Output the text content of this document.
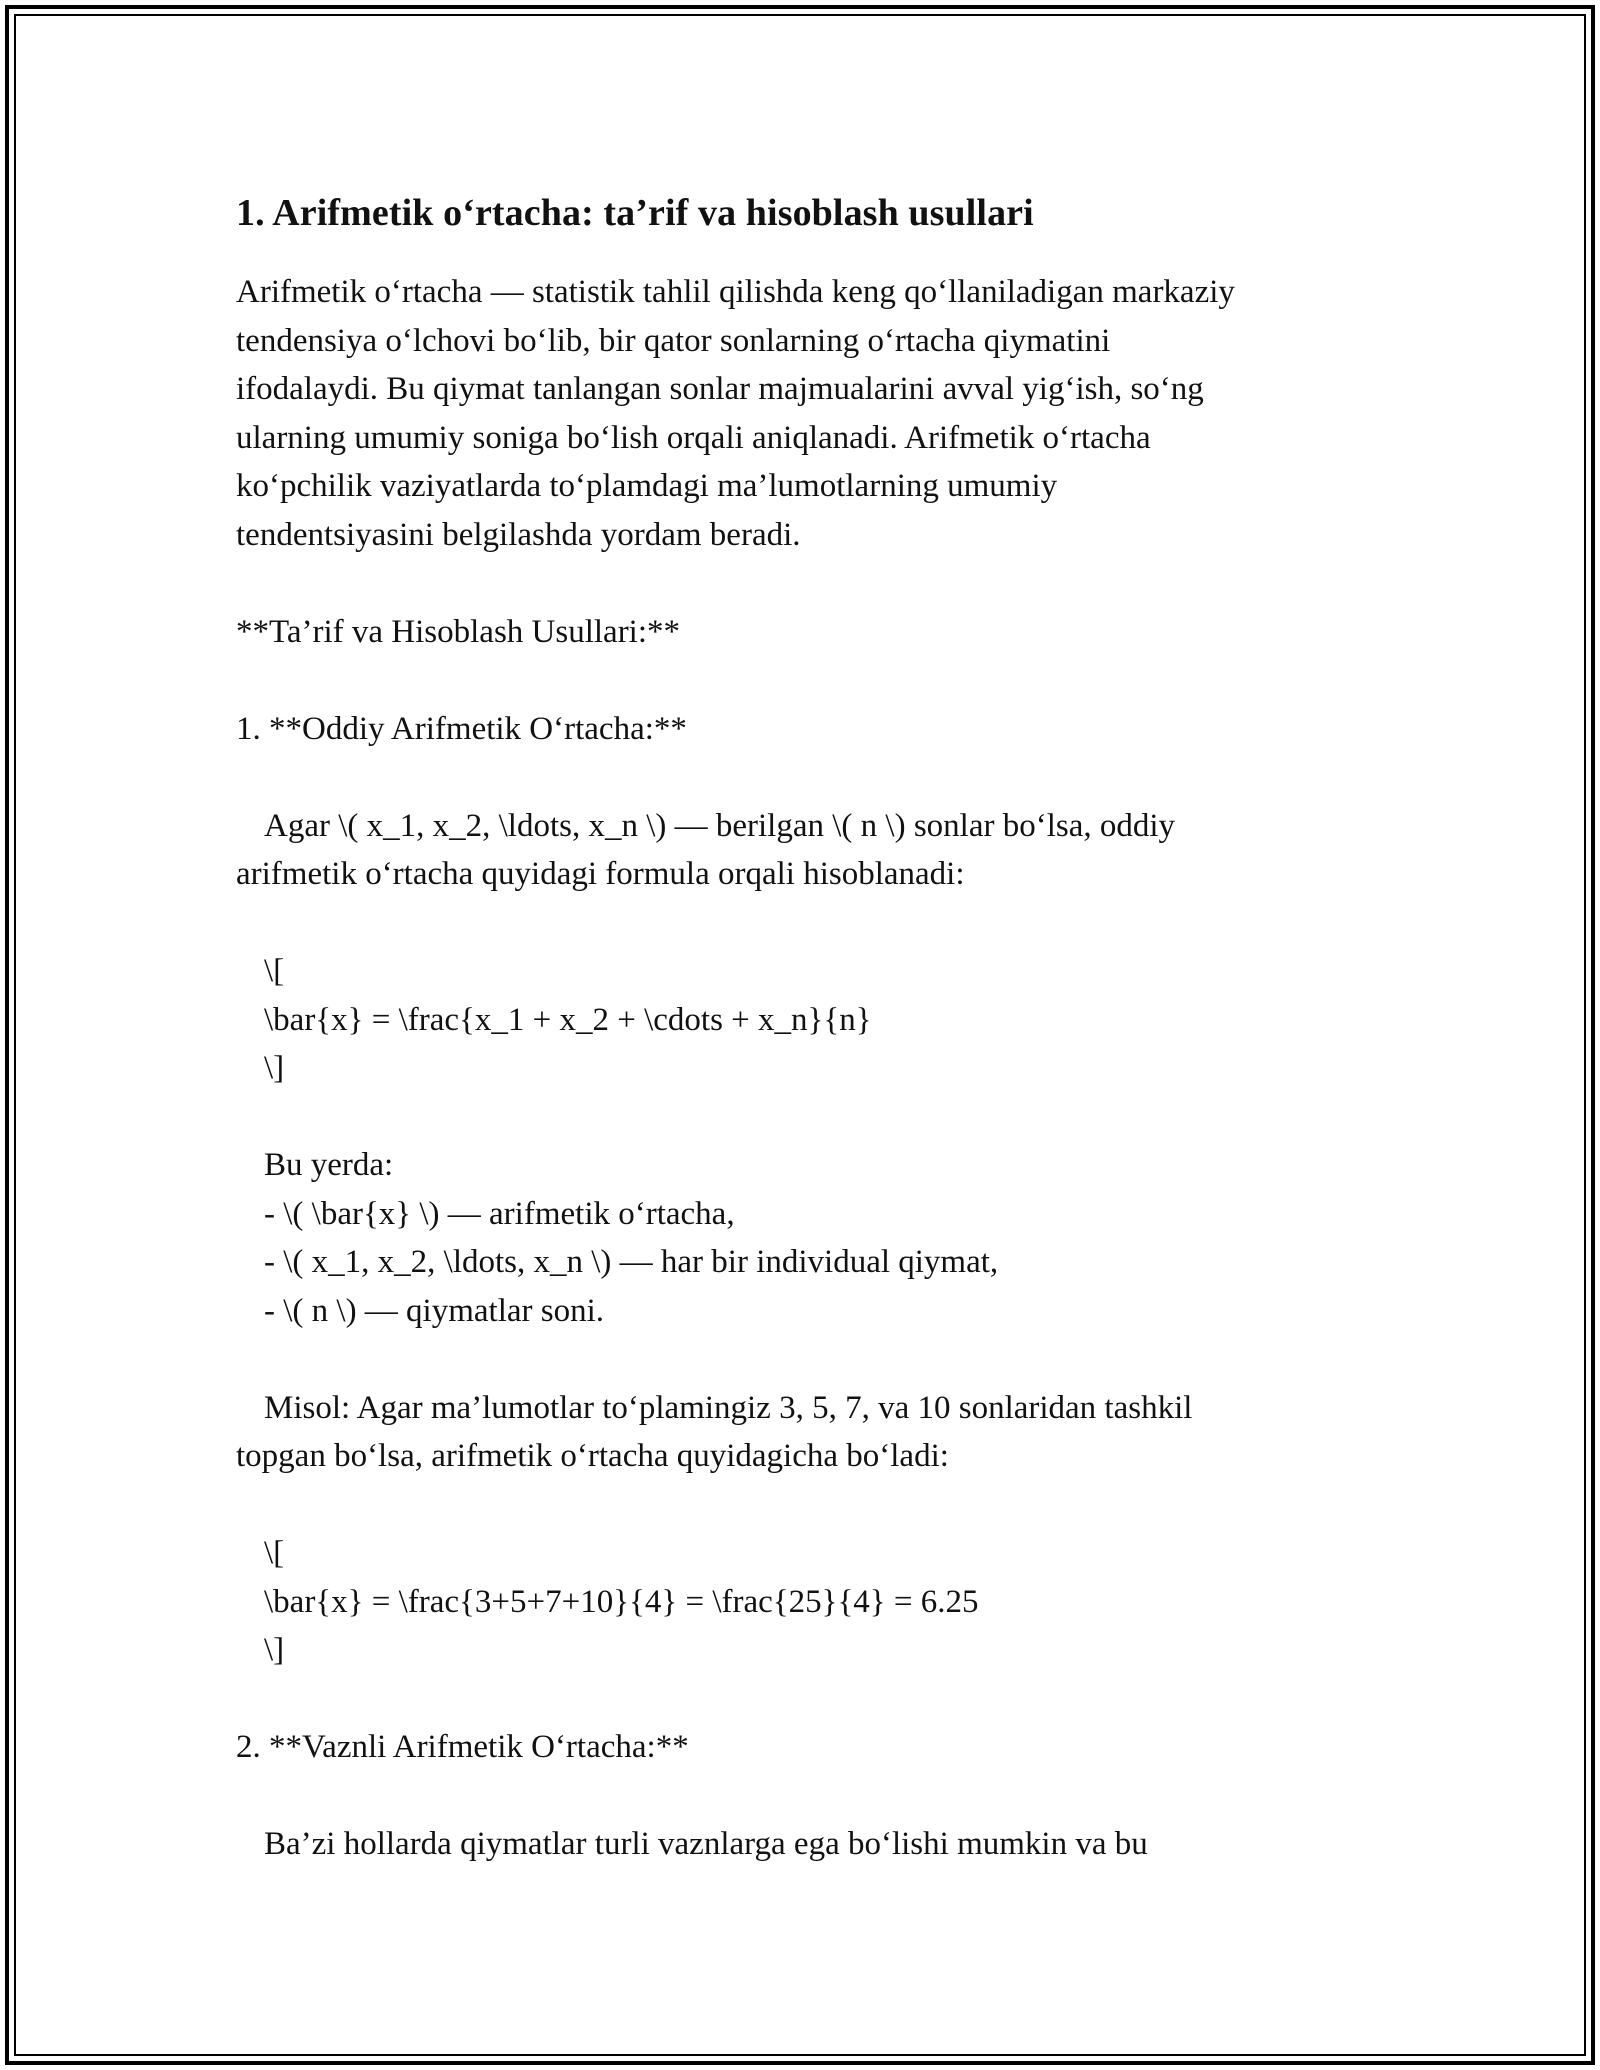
1. Arifmetik o‘rtacha: ta’rif va hisoblash usullari

Arifmetik o‘rtacha — statistik tahlil qilishda keng qo‘llaniladigan markaziy

tendensiya o‘lchovi bo‘lib, bir qator sonlarning o‘rtacha qiymatini

ifodalaydi. Bu qiymat tanlangan sonlar majmualarini avval yig‘ish, so‘ng

ularning umumiy soniga bo‘lish orqali aniqlanadi. Arifmetik o‘rtacha

ko‘pchilik vaziyatlarda to‘plamdagi ma’lumotlarning umumiy

tendentsiyasini belgilashda yordam beradi.

**Ta’rif va Hisoblash Usullari:**

1. **Oddiy Arifmetik O‘rtacha:**

Agar \( x_1, x_2, \ldots, x_n \) — berilgan \( n \) sonlar bo‘lsa, oddiy

arifmetik o‘rtacha quyidagi formula orqali hisoblanadi:

\[

\bar{x} = \frac{x_1 + x_2 + \cdots + x_n}{n}

\]

Bu yerda:

- \( \bar{x} \) — arifmetik o‘rtacha,

- \( x_1, x_2, \ldots, x_n \) — har bir individual qiymat,

- \( n \) — qiymatlar soni.

Misol: Agar ma’lumotlar to‘plamingiz 3, 5, 7, va 10 sonlaridan tashkil

topgan bo‘lsa, arifmetik o‘rtacha quyidagicha bo‘ladi:

\[

\bar{x} = \frac{3+5+7+10}{4} = \frac{25}{4} = 6.25

\]

2. **Vaznli Arifmetik O‘rtacha:**

Ba’zi hollarda qiymatlar turli vaznlarga ega bo‘lishi mumkin va bu
